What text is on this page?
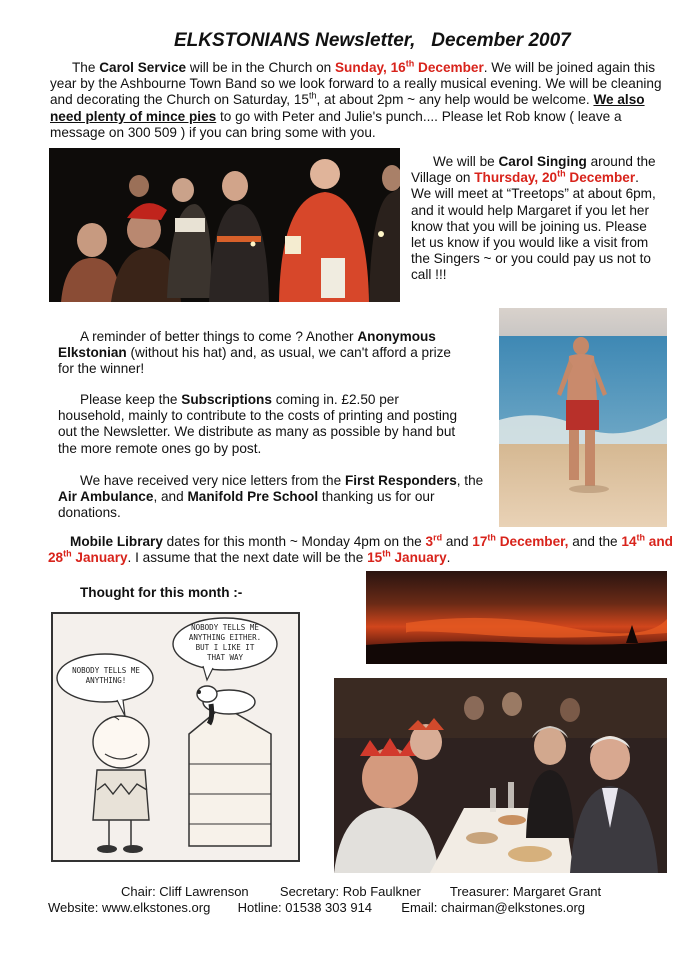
ELKSTONIANS Newsletter, December 2007

The Carol Service will be in the Church on Sunday, 16th December. We will be joined again this year by the Ashbourne Town Band so we look forward to a really musical evening. We will be cleaning and decorating the Church on Saturday, 15th, at about 2pm ~ any help would be welcome. We also need plenty of mince pies to go with Peter and Julie's punch.... Please let Rob know ( leave a message on 300 509 ) if you can bring some with you.

We will be Carol Singing around the Village on Thursday, 20th December. We will meet at “Treetops” at about 6pm, and it would help Margaret if you let her know that you will be joining us. Please let us know if you would like a visit from the Singers ~ or you could pay us not to call !!!

A reminder of better things to come ? Another Anonymous Elkstonian (without his hat) and, as usual, we can't afford a prize for the winner!

Please keep the Subscriptions coming in. £2.50 per household, mainly to contribute to the costs of printing and posting out the Newsletter. We distribute as many as possible by hand but the more remote ones go by post.

We have received very nice letters from the First Responders, the Air Ambulance, and Manifold Pre School thanking us for our donations.

Mobile Library dates for this month ~ Monday 4pm on the 3rd and 17th December, and the 14th and 28th January. I assume that the next date will be the 15th January.

Thought for this month :-
NOBODY TELLS ME
ANYTHING!
NOBODY TELLS ME
ANYTHING EITHER.
BUT I LIKE IT
THAT WAY
Chair: Cliff Lawrenson Secretary: Rob Faulkner Treasurer: Margaret Grant
Website: www.elkstones.org Hotline: 01538 303 914 Email: chairman@elkstones.org
